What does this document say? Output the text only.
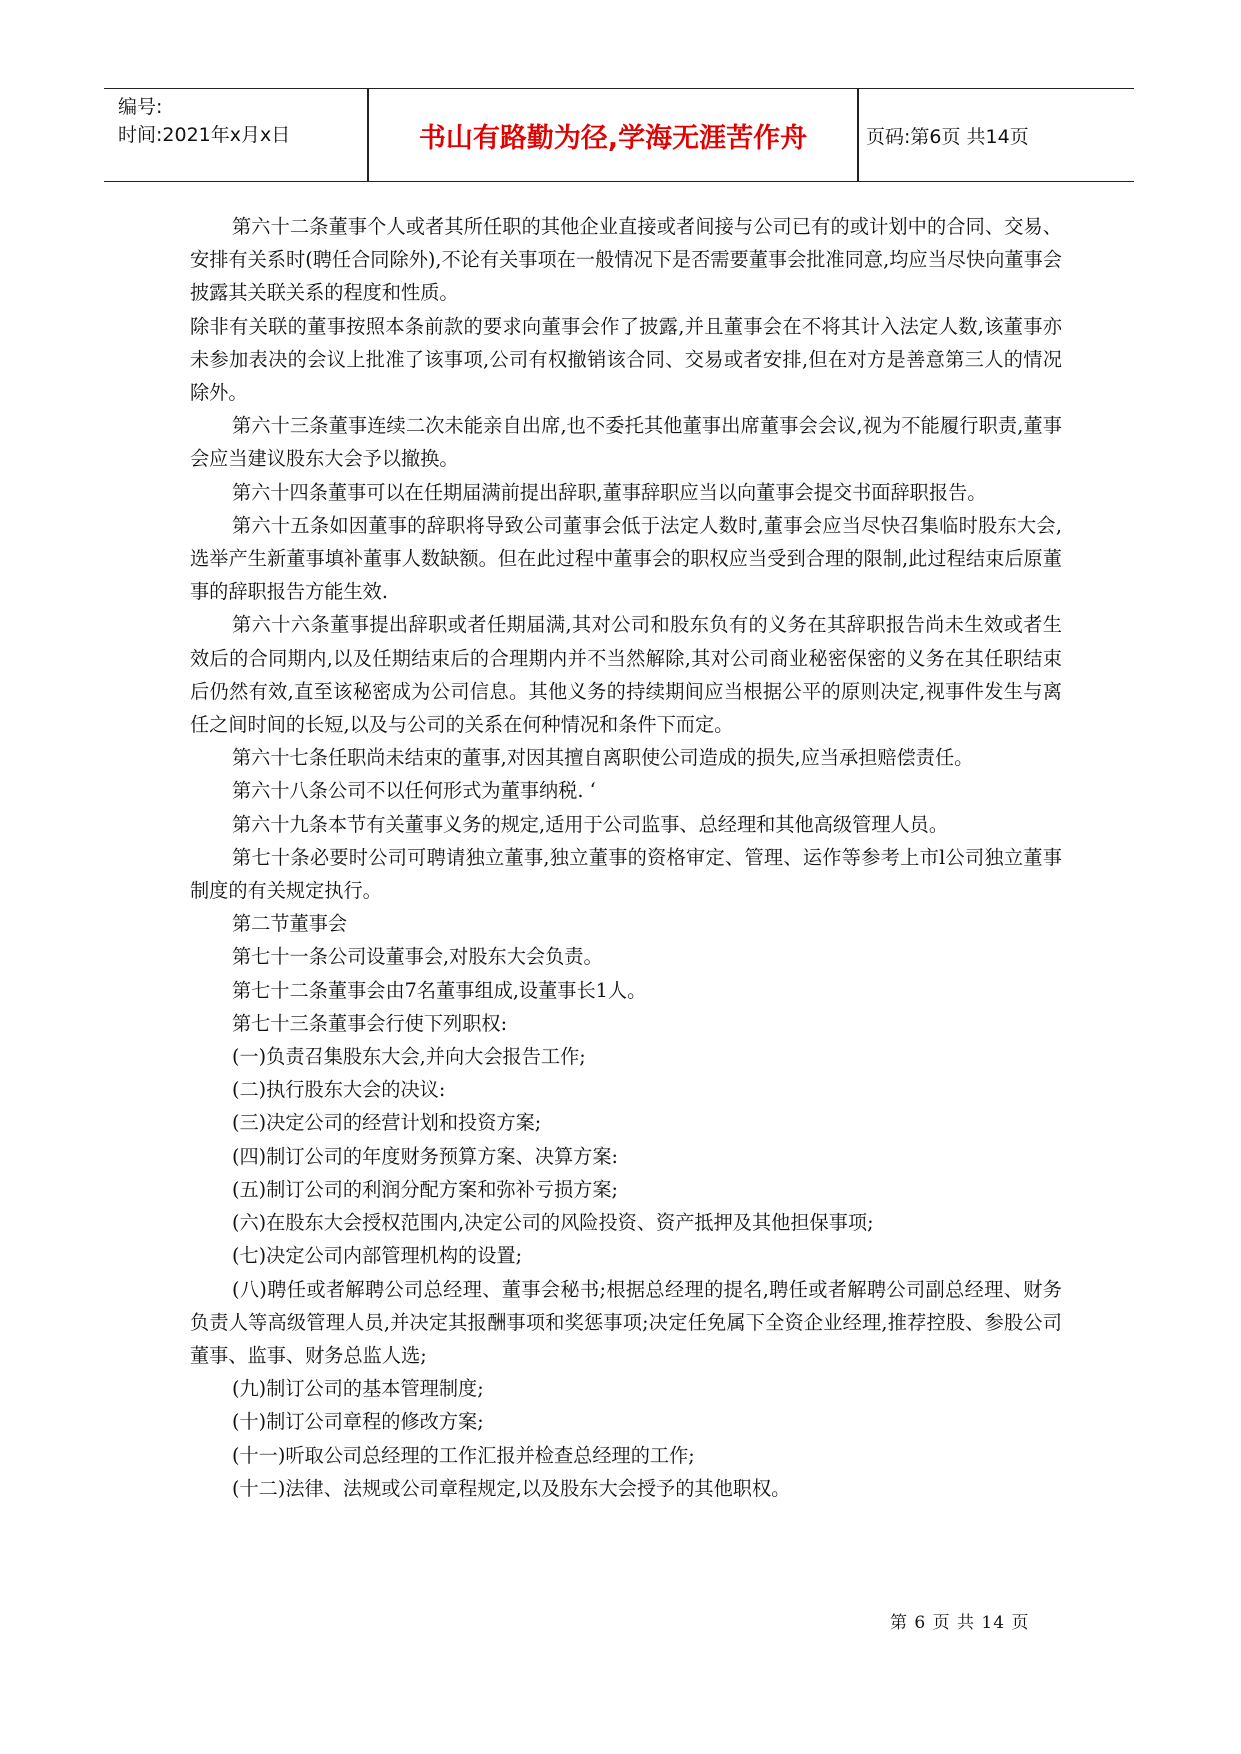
编号:
时间:2021年x月x日	书山有路勤为径,学海无涯苦作舟	页码:第6页 共14页

第六十二条董事个人或者其所任职的其他企业直接或者间接与公司已有的或计划中的合同、交易、安排有关系时(聘任合同除外),不论有关事项在一般情况下是否需要董事会批准同意,均应当尽快向董事会披露其关联关系的程度和性质。

除非有关联的董事按照本条前款的要求向董事会作了披露,并且董事会在不将其计入法定人数,该董事亦未参加表决的会议上批准了该事项,公司有权撤销该合同、交易或者安排,但在对方是善意第三人的情况除外。

第六十三条董事连续二次未能亲自出席,也不委托其他董事出席董事会会议,视为不能履行职责,董事会应当建议股东大会予以撤换。

第六十四条董事可以在任期届满前提出辞职,董事辞职应当以向董事会提交书面辞职报告。

第六十五条如因董事的辞职将导致公司董事会低于法定人数时,董事会应当尽快召集临时股东大会,选举产生新董事填补董事人数缺额。但在此过程中董事会的职权应当受到合理的限制,此过程结束后原董事的辞职报告方能生效.

第六十六条董事提出辞职或者任期届满,其对公司和股东负有的义务在其辞职报告尚未生效或者生效后的合同期内,以及任期结束后的合理期内并不当然解除,其对公司商业秘密保密的义务在其任职结束后仍然有效,直至该秘密成为公司信息。其他义务的持续期间应当根据公平的原则决定,视事件发生与离任之间时间的长短,以及与公司的关系在何种情况和条件下而定。

第六十七条任职尚未结束的董事,对因其擅自离职使公司造成的损失,应当承担赔偿责任。

第六十八条公司不以任何形式为董事纳税. ‘

第六十九条本节有关董事义务的规定,适用于公司监事、总经理和其他高级管理人员。

第七十条必要时公司可聘请独立董事,独立董事的资格审定、管理、运作等参考上市l公司独立董事制度的有关规定执行。

第二节董事会

第七十一条公司设董事会,对股东大会负责。

第七十二条董事会由7名董事组成,设董事长1人。

第七十三条董事会行使下列职权:

(一)负责召集股东大会,并向大会报告工作;

(二)执行股东大会的决议:

(三)决定公司的经营计划和投资方案;

(四)制订公司的年度财务预算方案、决算方案:

(五)制订公司的利润分配方案和弥补亏损方案;

(六)在股东大会授权范围内,决定公司的风险投资、资产抵押及其他担保事项;

(七)决定公司内部管理机构的设置;

(八)聘任或者解聘公司总经理、董事会秘书;根据总经理的提名,聘任或者解聘公司副总经理、财务负责人等高级管理人员,并决定其报酬事项和奖惩事项;决定任免属下全资企业经理,推荐控股、参股公司董事、监事、财务总监人选;

(九)制订公司的基本管理制度;

(十)制订公司章程的修改方案;

(十一)听取公司总经理的工作汇报并检查总经理的工作;

(十二)法律、法规或公司章程规定,以及股东大会授予的其他职权。

第 6 页 共 14 页
